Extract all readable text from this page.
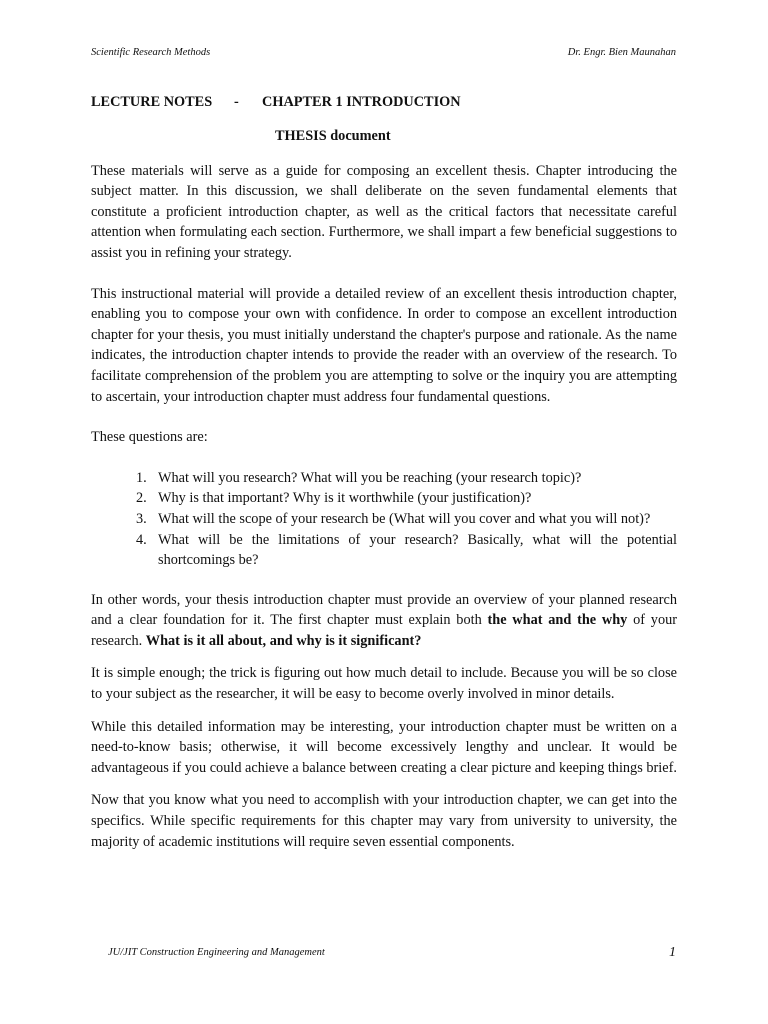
Scientific Research Methods	Dr. Engr. Bien Maunahan
LECTURE NOTES - CHAPTER 1 INTRODUCTION
THESIS document

These materials will serve as a guide for composing an excellent thesis. Chapter introducing the subject matter. In this discussion, we shall deliberate on the seven fundamental elements that constitute a proficient introduction chapter, as well as the critical factors that necessitate careful attention when formulating each section. Furthermore, we shall impart a few beneficial suggestions to assist you in refining your strategy.

This instructional material will provide a detailed review of an excellent thesis introduction chapter, enabling you to compose your own with confidence. In order to compose an excellent introduction chapter for your thesis, you must initially understand the chapter's purpose and rationale. As the name indicates, the introduction chapter intends to provide the reader with an overview of the research. To facilitate comprehension of the problem you are attempting to solve or the inquiry you are attempting to ascertain, your introduction chapter must address four fundamental questions.

These questions are:

1. What will you research? What will you be reaching (your research topic)?
2. Why is that important? Why is it worthwhile (your justification)?
3. What will the scope of your research be (What will you cover and what you will not)?
4. What will be the limitations of your research? Basically, what will the potential shortcomings be?

In other words, your thesis introduction chapter must provide an overview of your planned research and a clear foundation for it. The first chapter must explain both the what and the why of your research. What is it all about, and why is it significant?

It is simple enough; the trick is figuring out how much detail to include. Because you will be so close to your subject as the researcher, it will be easy to become overly involved in minor details.

While this detailed information may be interesting, your introduction chapter must be written on a need-to-know basis; otherwise, it will become excessively lengthy and unclear. It would be advantageous if you could achieve a balance between creating a clear picture and keeping things brief.

Now that you know what you need to accomplish with your introduction chapter, we can get into the specifics. While specific requirements for this chapter may vary from university to university, the majority of academic institutions will require seven essential components.

JU/JIT Construction Engineering and Management	1
